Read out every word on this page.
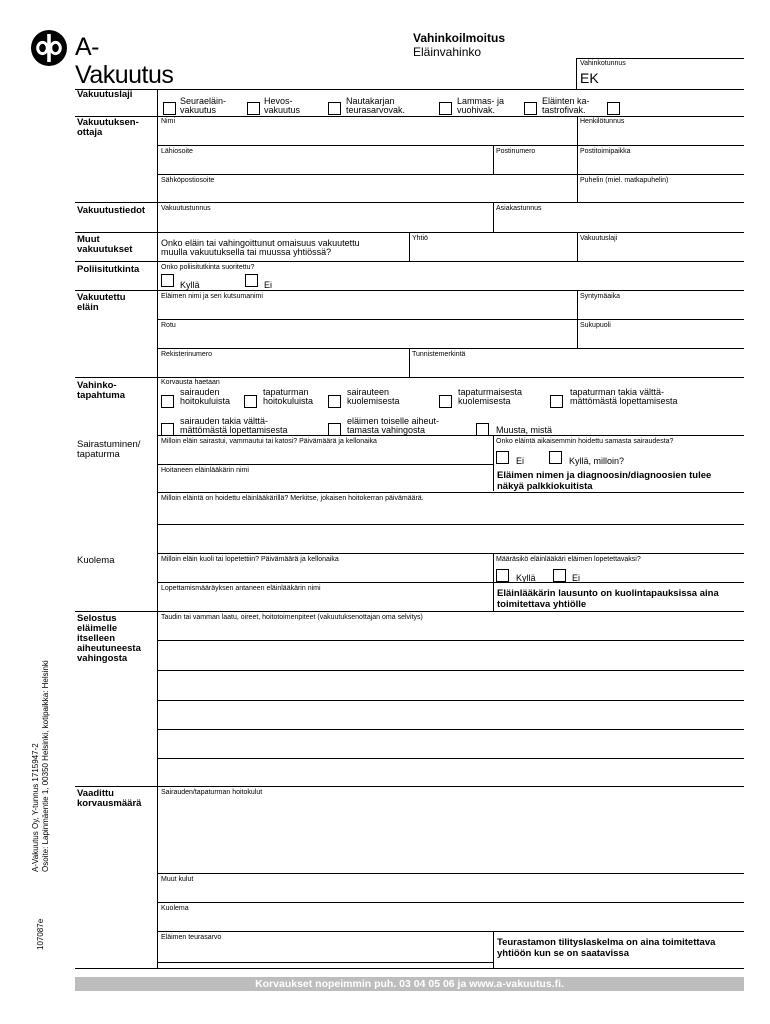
A-Vakuutus
Vahinkoilmoitus
Eläinvahinko
Vahinkotunnus
EK
Vakuutuslaji
Seuraeläin-
vakuutus
Hevos-
vakuutus
Nautakarjan
teurasarvovak.
Lammas- ja
vuohivak.
Eläinten ka-
tastrofivak.
Vakuutuksen-
ottaja
Nimi	Henkilötunnus
Lähiosoite	Postinumero	Postitoimipaikka
Sähköpostiosoite	Puhelin (miel. matkapuhelin)
Vakuutustiedot Vakuutustunnus	Asiakastunnus
Muut
vakuutukset
Onko eläin tai vahingoittunut omaisuus vakuutettu
muulla vakuutuksella tai muussa yhtiössä?
Yhtiö	Vakuutuslaji
Poliisitutkinta	Onko poliisitutkinta suoritettu?
Kyllä	Ei
Vakuutettu
eläin
Eläimen nimi ja sen kutsumanimi	Syntymäaika
Rotu	Sukupuoli
Rekisterinumero	Tunnistemerkintä
Vahinko-
tapahtuma
Korvausta haetaan
sairauden
hoitokuluista
tapaturman
hoitokuluista
sairauteen
kuolemisesta
tapaturmaisesta
kuolemisesta
tapaturman takia välttä-
mättömästä lopettamisesta
sairauden takia välttä-
mättömästä lopettamisesta
eläimen toiselle aiheut-
tamasta vahingosta	Muusta, mistä
Sairastuminen/
tapaturma
Milloin eläin sairastui, vammautui tai katosi? Päivämäärä ja kellonaika	Onko eläintä aikaisemmin hoidettu samasta sairaudesta?
Ei	Kyllä, milloin?
Hoitaneen eläinlääkärin nimi	Eläimen nimen ja diagnoosin/diagnoosien tulee
näkyä palkkiokuitista
Milloin eläintä on hoidettu eläinlääkärillä? Merkitse, jokaisen hoitokerran päivämäärä.
Kuolema	Milloin eläin kuoli tai lopetettiin? Päivämäärä ja kellonaika	Määräsikö eläinlääkäri eläimen lopetettavaksi?
Kyllä	Ei
Lopettamismääräyksen antaneen eläinlääkärin nimi	Eläinlääkärin lausunto on kuolintapauksissa aina
toimitettava yhtiölle
Selostus
eläimelle
itselleen
aiheutuneesta
vahingosta
Taudin tai vamman laatu, oireet, hoitotoimenpiteet (vakuutuksenottajan oma selvitys)
Vaadittu
korvausmäärä
Sairauden/tapaturman hoitokulut
Muut kulut
Kuolema
Eläimen teurasarvo	Teurastamon tilityslaskelma on aina toimitettava
yhtiöön kun se on saatavissa
Korvaukset nopeimmin puh. 03 04 05 06 ja www.a-vakuutus.fi.
A-Vakuutus Oy, Y-tunnus 1715947-2 Osoite: Lapinmäentie 1, 00350 Helsinki, kotipaikka: Helsinki
107087e
